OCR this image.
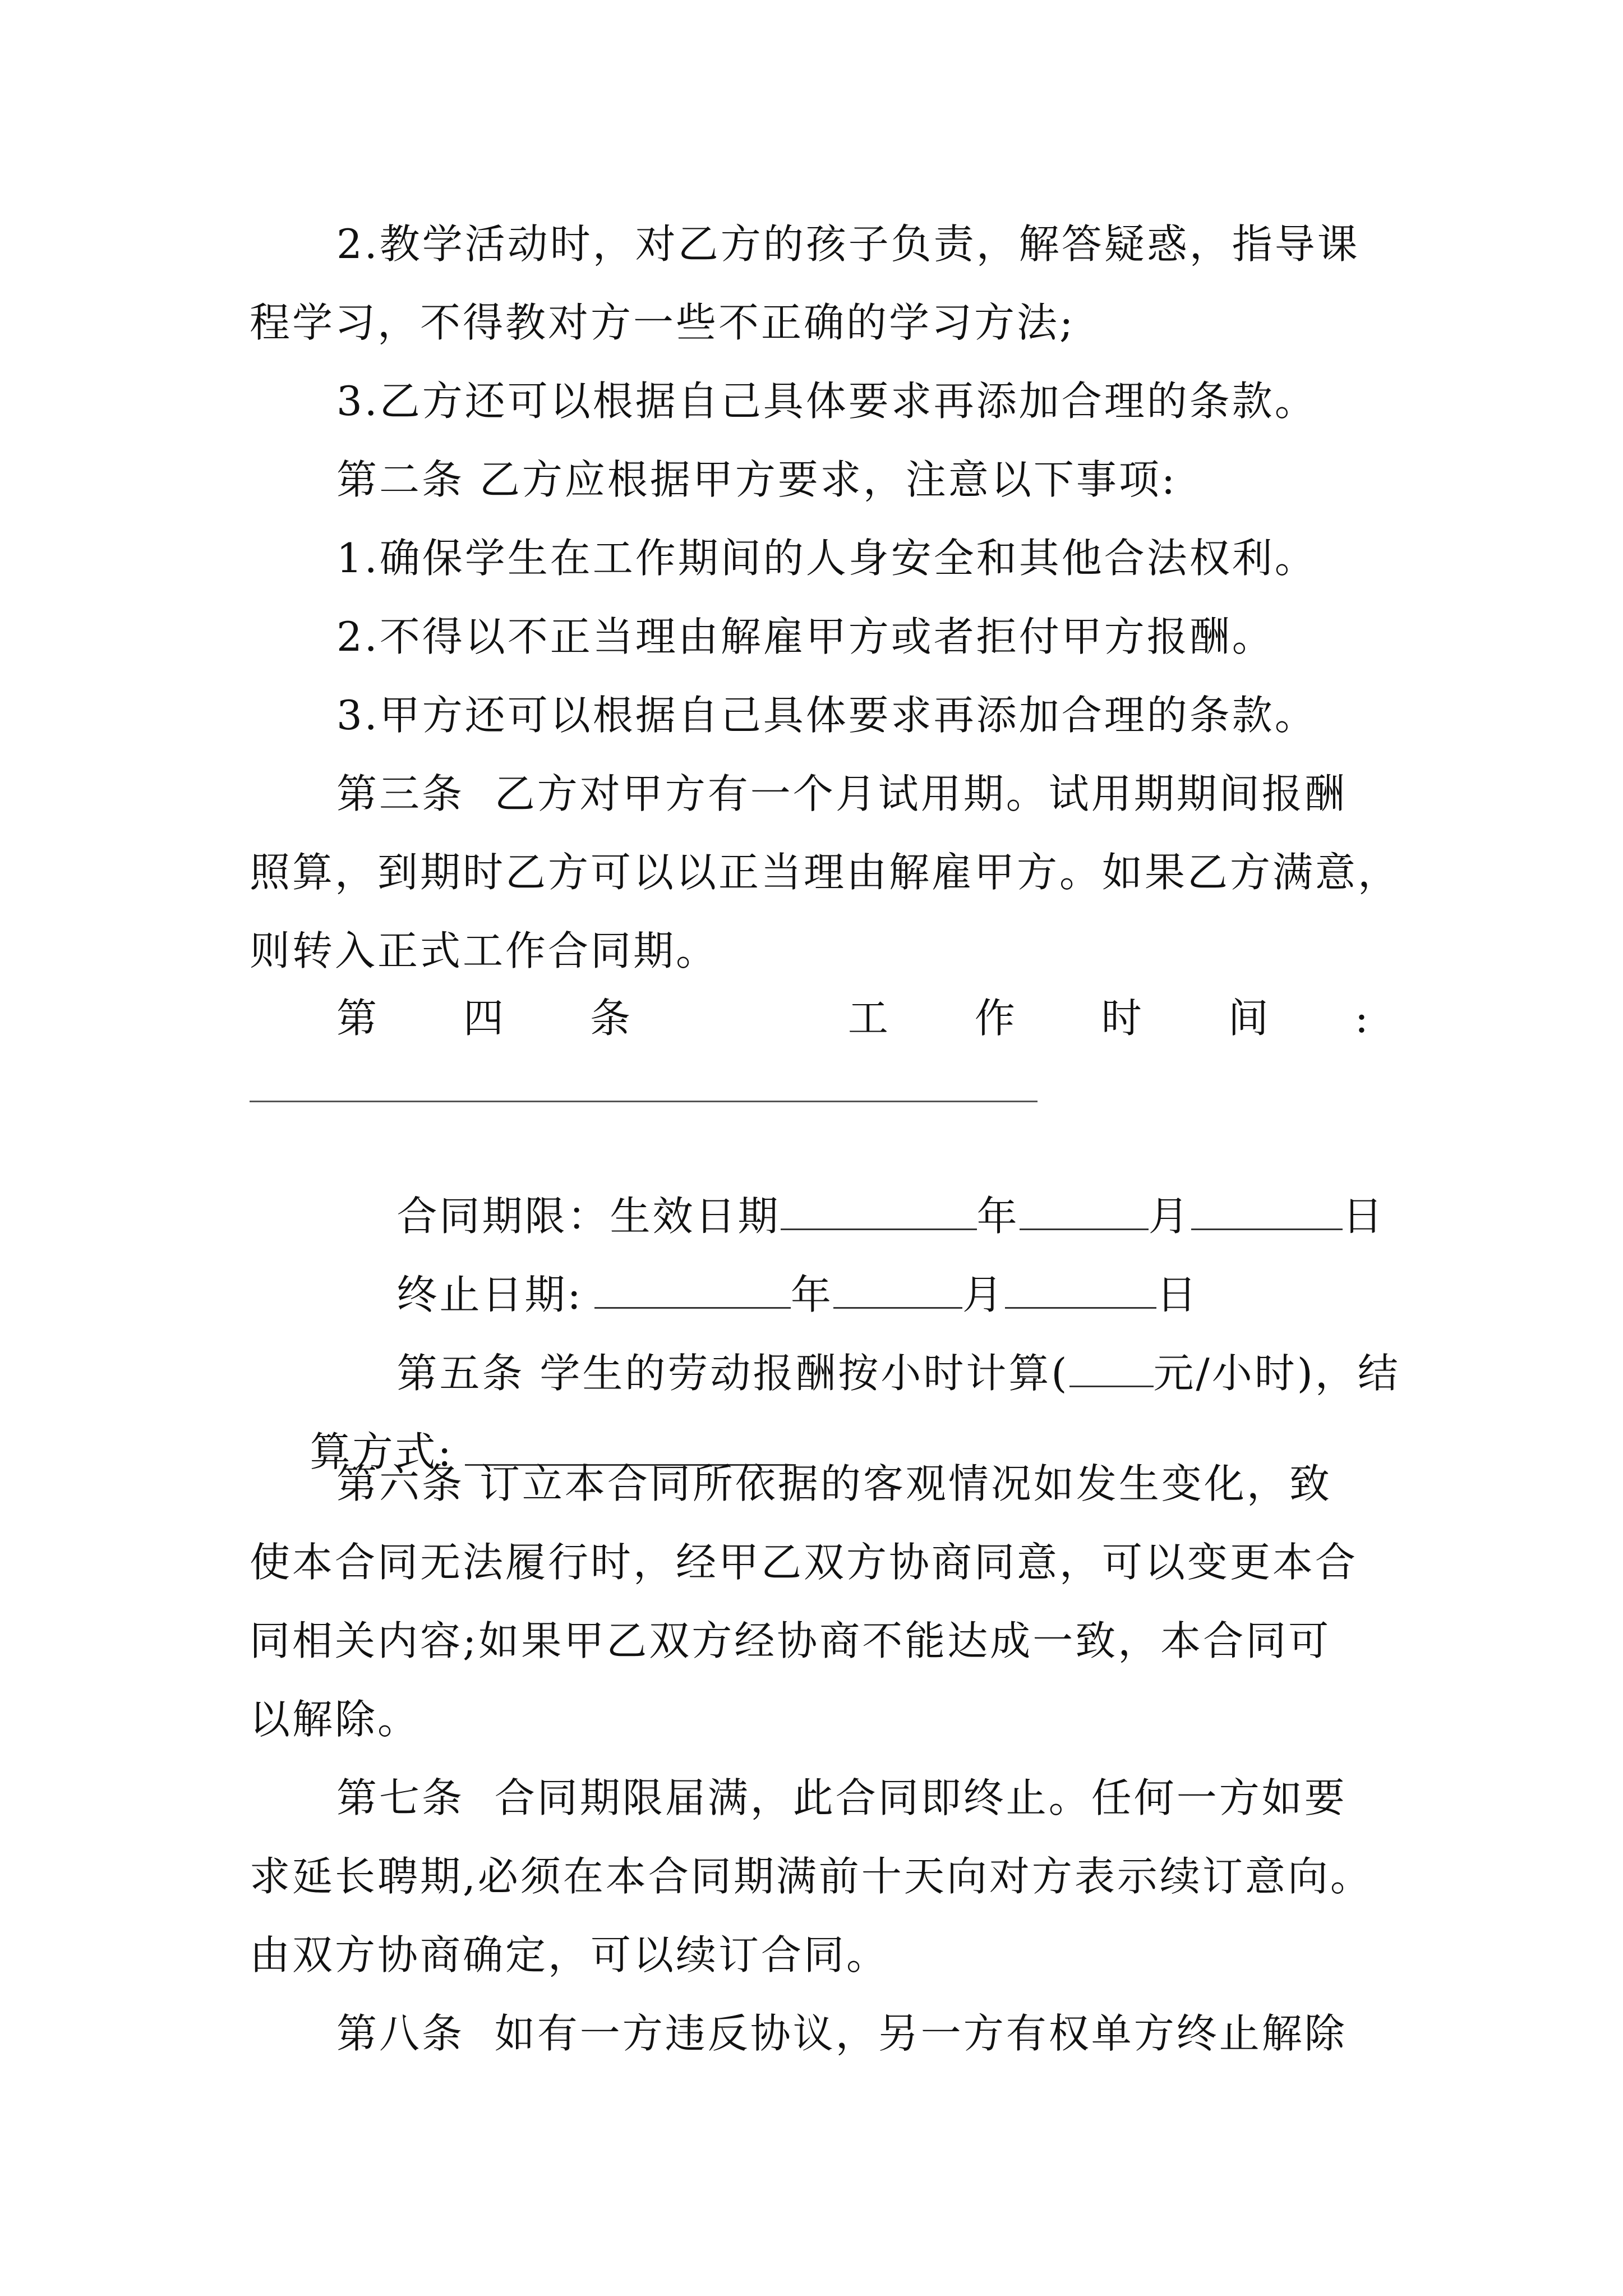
2.教学活动时，对乙方的孩子负责，解答疑惑，指导课
程学习，不得教对方一些不正确的学习方法;
3.乙方还可以根据自己具体要求再添加合理的条款。
第二条 乙方应根据甲方要求，注意以下事项:
1.确保学生在工作期间的人身安全和其他合法权利。
2.不得以不正当理由解雇甲方或者拒付甲方报酬。
3.甲方还可以根据自己具体要求再添加合理的条款。
第三条  乙方对甲方有一个月试用期。试用期期间报酬
照算，到期时乙方可以以正当理由解雇甲方。如果乙方满意，
则转入正式工作合同期。
第 四 条	工 作 时 间 :

合同期限：生效日期	年	月	日

终止日期:	年	月	日

第五条 学生的劳动报酬按小时计算( 元/小时)，结

算方式:

第六条 订立本合同所依据的客观情况如发生变化，致
使本合同无法履行时，经甲乙双方协商同意，可以变更本合
同相关内容;如果甲乙双方经协商不能达成一致，本合同可
以解除。
第七条  合同期限届满，此合同即终止。任何一方如要
求延长聘期,必须在本合同期满前十天向对方表示续订意向。
由双方协商确定，可以续订合同。
第八条  如有一方违反协议，另一方有权单方终止解除
